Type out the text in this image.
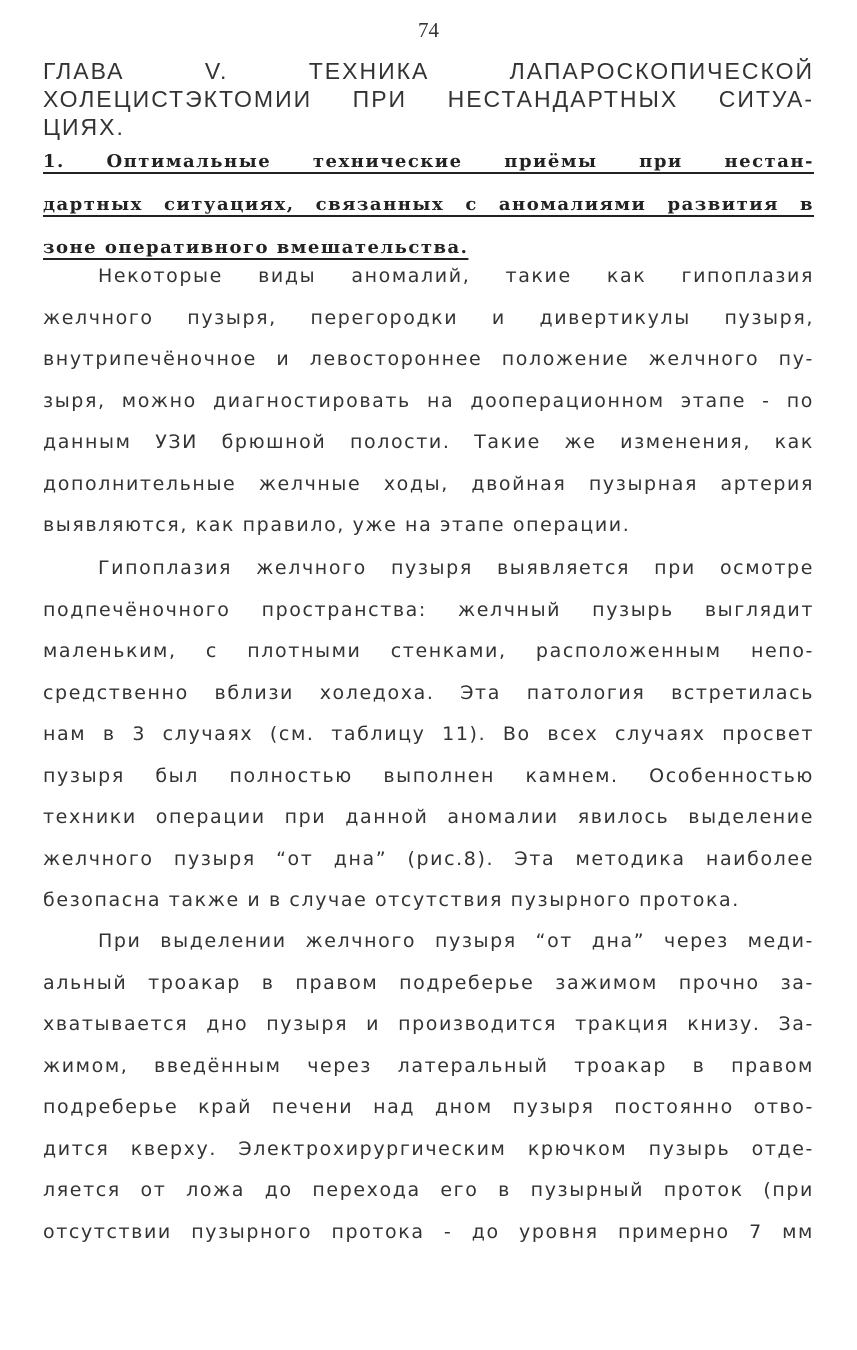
74
ГЛАВА V. ТЕХНИКА ЛАПАРОСКОПИЧЕСКОЙ
ХОЛЕЦИСТЭКТОМИИ ПРИ НЕСТАНДАРТНЫХ СИТУА-
ЦИЯХ.
1. Оптимальные технические приёмы при нестан-
дартных ситуациях, связанных с аномалиями развития в
зоне оперативного вмешательства.
Некоторые виды аномалий, такие как гипоплазия
желчного пузыря, перегородки и дивертикулы пузыря,
внутрипечёночное и левостороннее положение желчного пу-
зыря, можно диагностировать на дооперационном этапе - по
данным УЗИ брюшной полости. Такие же изменения, как
дополнительные желчные ходы, двойная пузырная артерия
выявляются, как правило, уже на этапе операции.
Гипоплазия желчного пузыря выявляется при осмотре
подпечёночного пространства: желчный пузырь выглядит
маленьким, с плотными стенками, расположенным непо-
средственно вблизи холедоха. Эта патология встретилась
нам в 3 случаях (см. таблицу 11). Во всех случаях просвет
пузыря был полностью выполнен камнем. Особенностью
техники операции при данной аномалии явилось выделение
желчного пузыря “от дна” (рис.8). Эта методика наиболее
безопасна также и в случае отсутствия пузырного протока.
При выделении желчного пузыря “от дна” через меди-
альный троакар в правом подреберье зажимом прочно за-
хватывается дно пузыря и производится тракция книзу. За-
жимом, введённым через латеральный троакар в правом
подреберье край печени над дном пузыря постоянно отво-
дится кверху. Электрохирургическим крючком пузырь отде-
ляется от ложа до перехода его в пузырный проток (при
отсутствии пузырного протока - до уровня примерно 7 мм
